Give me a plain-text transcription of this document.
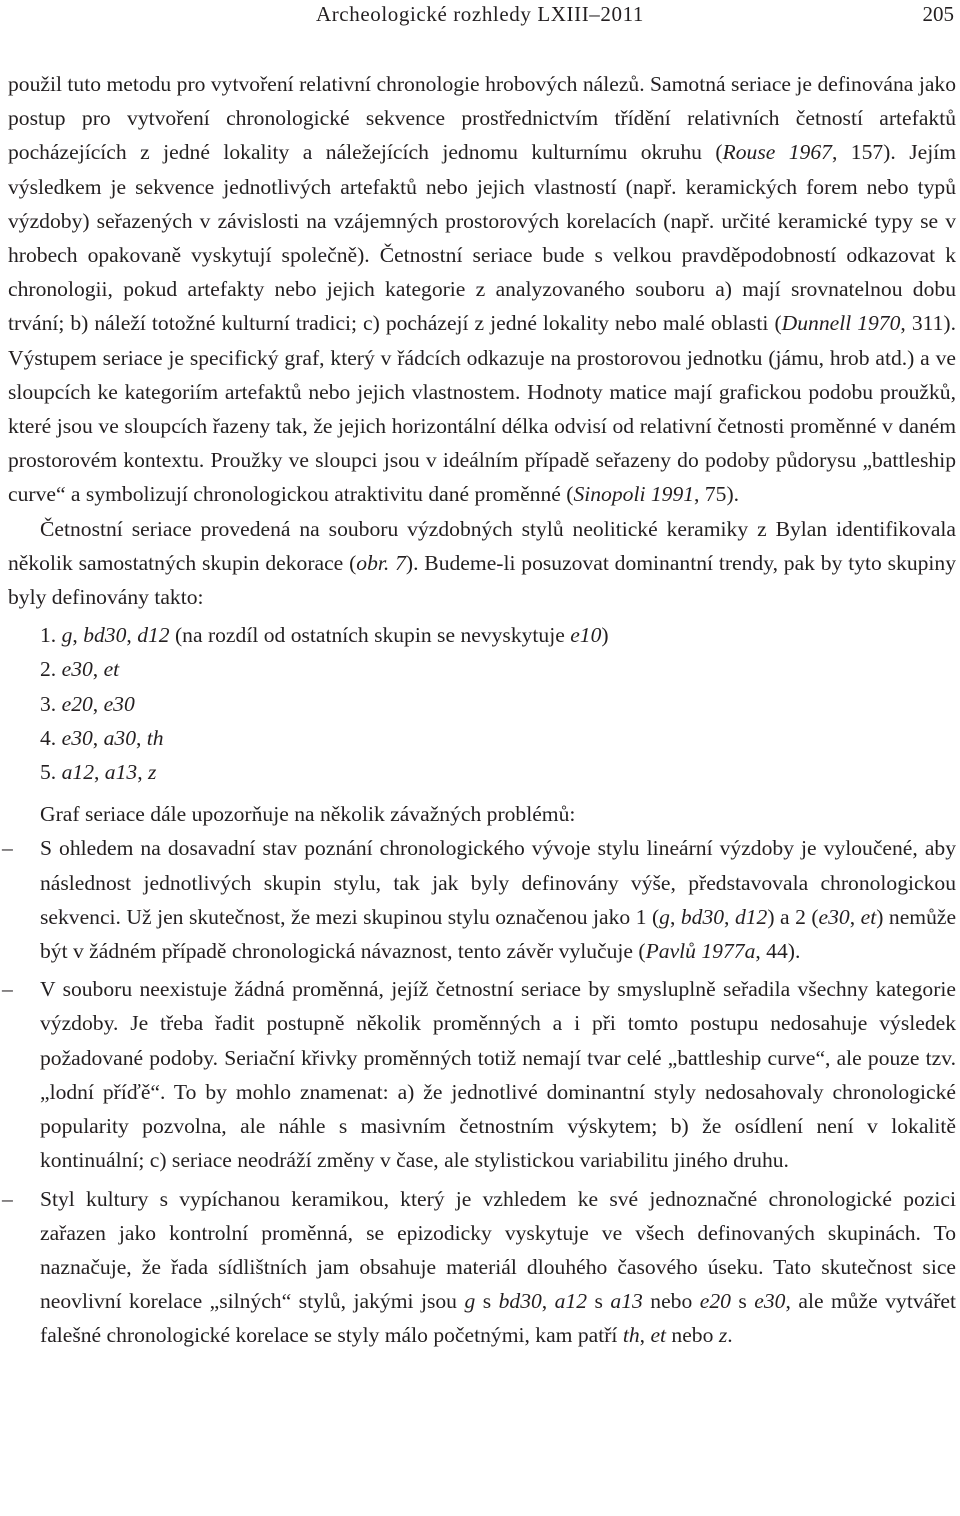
Archeologické rozhledy LXIII–2011	205

použil tuto metodu pro vytvoření relativní chronologie hrobových nálezů. Samotná seriace je definována jako postup pro vytvoření chronologické sekvence prostřednictvím třídění relativních četností artefaktů pocházejících z jedné lokality a náležejících jednomu kulturnímu okruhu (Rouse 1967, 157). Jejím výsledkem je sekvence jednotlivých artefaktů nebo jejich vlastností (např. keramických forem nebo typů výzdoby) seřazených v závislosti na vzájemných prostorových korelacích (např. určité keramické typy se v hrobech opakovaně vyskytují společně). Četnostní seriace bude s velkou pravděpodobností odkazovat k chronologii, pokud artefakty nebo jejich kategorie z analyzovaného souboru a) mají srovnatelnou dobu trvání; b) náleží totožné kulturní tradici; c) pocházejí z jedné lokality nebo malé oblasti (Dunnell 1970, 311). Výstupem seriace je specifický graf, který v řádcích odkazuje na prostorovou jednotku (jámu, hrob atd.) a ve sloupcích ke kategoriím artefaktů nebo jejich vlastnostem. Hodnoty matice mají grafickou podobu proužků, které jsou ve sloupcích řazeny tak, že jejich horizontální délka odvisí od relativní četnosti proměnné v daném prostorovém kontextu. Proužky ve sloupci jsou v ideálním případě seřazeny do podoby půdorysu „battleship curve“ a symbolizují chronologickou atraktivitu dané proměnné (Sinopoli 1991, 75).

Četnostní seriace provedená na souboru výzdobných stylů neolitické keramiky z Bylan identifikovala několik samostatných skupin dekorace (obr. 7). Budeme-li posuzovat dominantní trendy, pak by tyto skupiny byly definovány takto:

1. g, bd30, d12 (na rozdíl od ostatních skupin se nevyskytuje e10)
2. e30, et
3. e20, e30
4. e30, a30, th
5. a12, a13, z

Graf seriace dále upozorňuje na několik závažných problémů:

– S ohledem na dosavadní stav poznání chronologického vývoje stylu lineární výzdoby je vyloučené, aby následnost jednotlivých skupin stylu, tak jak byly definovány výše, představovala chronologickou sekvenci. Už jen skutečnost, že mezi skupinou stylu označenou jako 1 (g, bd30, d12) a 2 (e30, et) nemůže být v žádném případě chronologická návaznost, tento závěr vylučuje (Pavlů 1977a, 44).
– V souboru neexistuje žádná proměnná, jejíž četnostní seriace by smysluplně seřadila všechny kategorie výzdoby. Je třeba řadit postupně několik proměnných a i při tomto postupu nedosahuje výsledek požadované podoby. Seriační křivky proměnných totiž nemají tvar celé „battleship curve“, ale pouze tzv. „lodní příďě“. To by mohlo znamenat: a) že jednotlivé dominantní styly nedosahovaly chronologické popularity pozvolna, ale náhle s masivním četnostním výskytem; b) že osídlení není v lokalitě kontinuální; c) seriace neodráží změny v čase, ale stylistickou variabilitu jiného druhu.
– Styl kultury s vypíchanou keramikou, který je vzhledem ke své jednoznačné chronologické pozici zařazen jako kontrolní proměnná, se epizodicky vyskytuje ve všech definovaných skupinách. To naznačuje, že řada sídlištních jam obsahuje materiál dlouhého časového úseku. Tato skutečnost sice neovlivní korelace „silných“ stylů, jakými jsou g s bd30, a12 s a13 nebo e20 s e30, ale může vytvářet falešné chronologické korelace se styly málo početnými, kam patří th, et nebo z.
